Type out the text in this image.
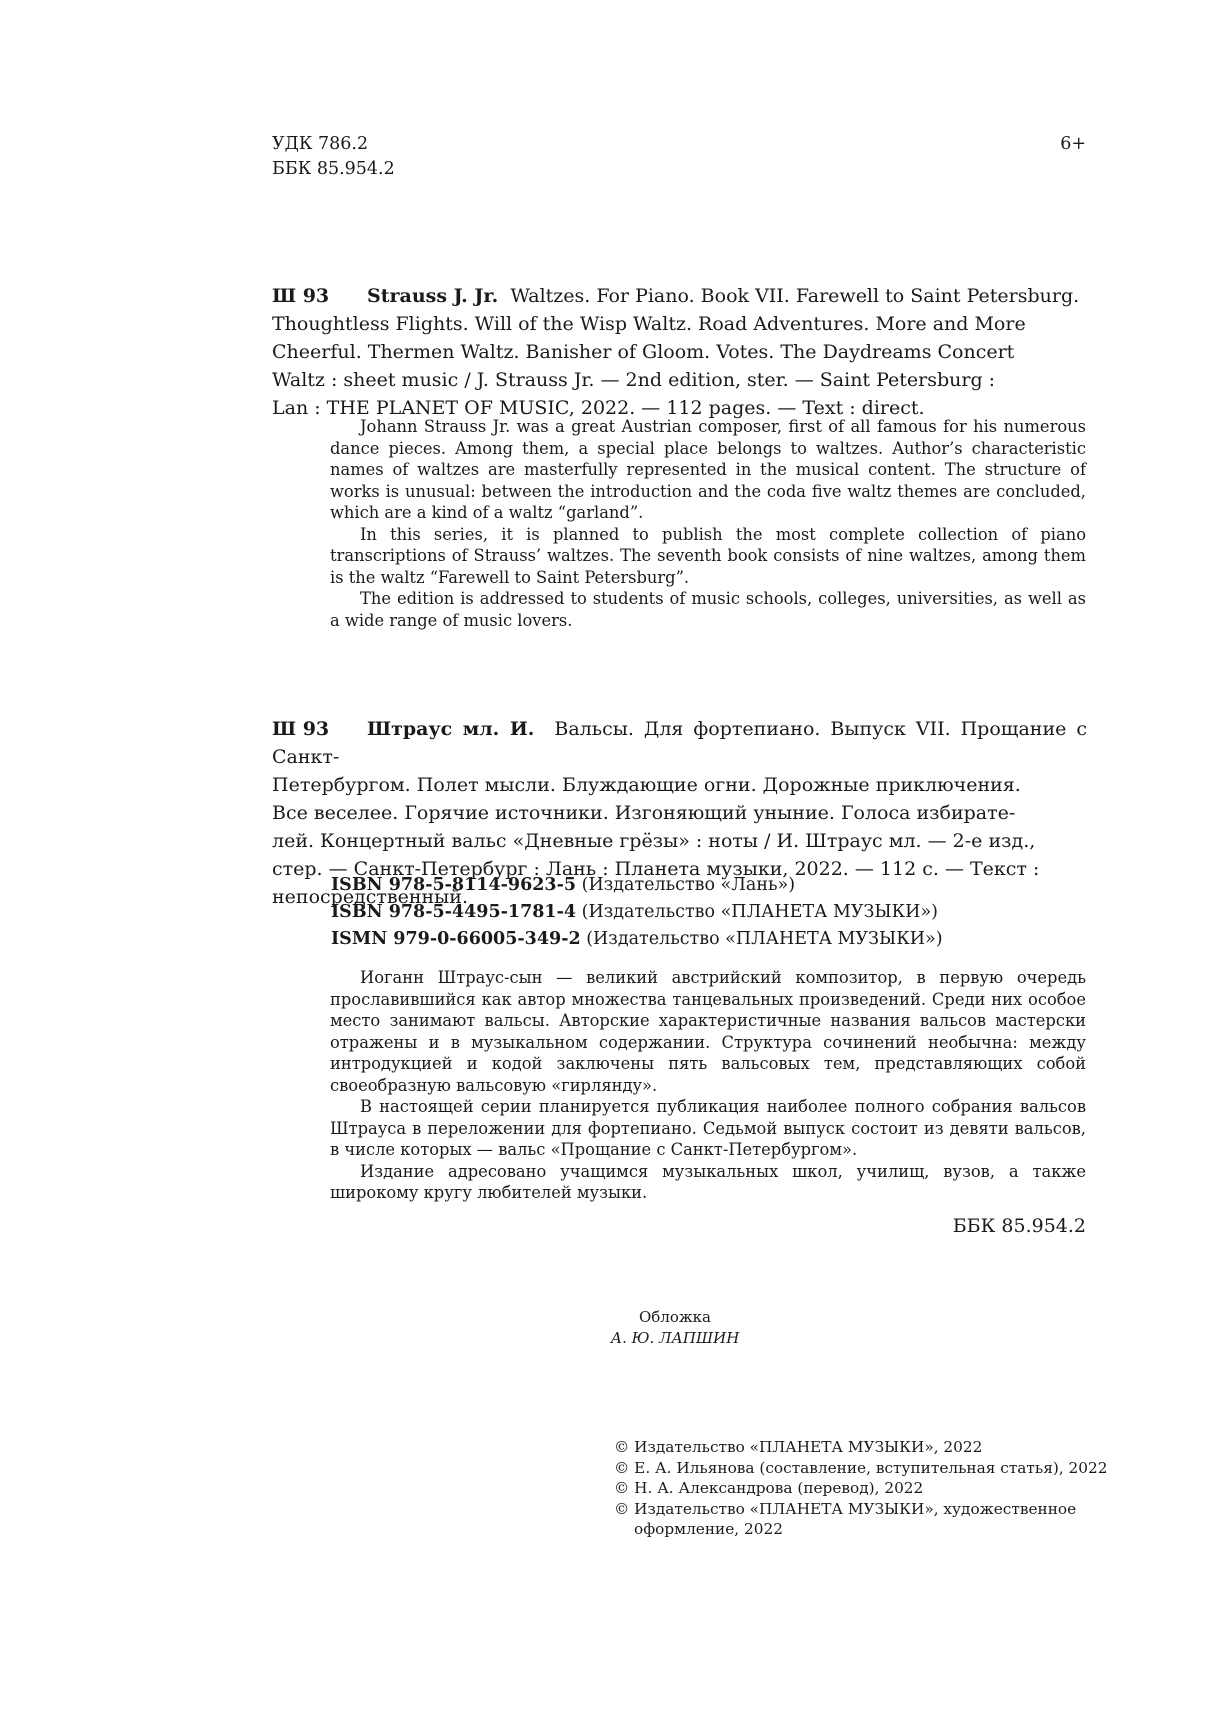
УДК 786.2
ББК 85.954.2
6+
Ш 93	Strauss J. Jr. Waltzes. For Piano. Book VII. Farewell to Saint Petersburg.

Thoughtless Flights. Will of the Wisp Waltz. Road Adventures. More and More

Cheerful. Thermen Waltz. Banisher of Gloom. Votes. The Daydreams Concert

Waltz : sheet music / J. Strauss Jr. — 2nd edition, ster. — Saint Petersburg :

Lan : THE PLANET OF MUSIC, 2022. — 112 pages. — Text : direct.

Johann Strauss Jr. was a great Austrian composer, first of all famous for his numerous dance pieces. Among them, a special place belongs to waltzes. Author’s characteristic names of waltzes are masterfully represented in the musical content. The structure of works is unusual: between the introduction and the coda five waltz themes are concluded, which are a kind of a waltz “garland”.

In this series, it is planned to publish the most complete collection of piano transcriptions of Strauss’ waltzes. The seventh book consists of nine waltzes, among them is the waltz “Farewell to Saint Petersburg”.

The edition is addressed to students of music schools, colleges, universities, as well as a wide range of music lovers.

Ш 93	Штраус мл. И. Вальсы. Для фортепиано. Выпуск VII. Прощание с Санкт-

Петербургом. Полет мысли. Блуждающие огни. Дорожные приключения.

Все веселее. Горячие источники. Изгоняющий уныние. Голоса избирате-

лей. Концертный вальс «Дневные грёзы» : ноты / И. Штраус мл. — 2-е изд.,

стер. — Санкт-Петербург : Лань : Планета музыки, 2022. — 112 с. — Текст :

непосредственный.

ISBN 978-5-8114-9623-5 (Издательство «Лань»)
ISBN 978-5-4495-1781-4 (Издательство «ПЛАНЕТА МУЗЫКИ»)
ISMN 979-0-66005-349-2 (Издательство «ПЛАНЕТА МУЗЫКИ»)

Иоганн Штраус-сын — великий австрийский композитор, в первую очередь прославившийся как автор множества танцевальных произведений. Среди них особое место занимают вальсы. Авторские характеристичные названия вальсов мастерски отражены и в музыкальном содержании. Структура сочинений необычна: между интродукцией и кодой заключены пять вальсовых тем, представляющих собой своеобразную вальсовую «гирлянду».

В настоящей серии планируется публикация наиболее полного собрания вальсов Штрауса в переложении для фортепиано. Седьмой выпуск состоит из девяти вальсов, в числе которых — вальс «Прощание с Санкт-Петербургом».

Издание адресовано учащимся музыкальных школ, училищ, вузов, а также широкому кругу любителей музыки.

ББК 85.954.2
Обложка
А. Ю. ЛАПШИН
© Издательство «ПЛАНЕТА МУЗЫКИ», 2022
© Е. А. Ильянова (составление, вступительная статья), 2022
© Н. А. Александрова (перевод), 2022
© Издательство «ПЛАНЕТА МУЗЫКИ», художественное
оформление, 2022
